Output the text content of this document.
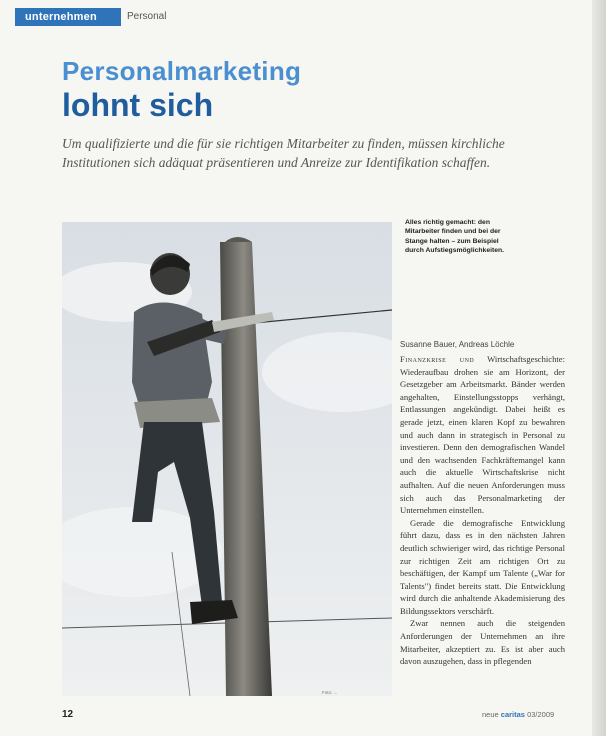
unternehmen	Personal
Personalmarketing
lohnt sich
Um qualifizierte und die für sie richtigen Mitarbeiter zu finden, müssen kirchliche Institutionen sich adäquat präsentieren und Anreize zur Identifikation schaffen.
Foto: ...
Alles richtig gemacht: den Mitarbeiter finden und bei der Stange halten – zum Beispiel durch Aufstiegsmöglichkeiten.
Susanne Bauer, Andreas Löchle

Finanzkrise und Wirtschaftsgeschichte: Wiederaufbau drohen sie am Horizont, der Gesetzgeber am Arbeitsmarkt. Bänder werden angehalten, Einstellungsstopps verhängt, Entlassungen angekündigt. Dabei heißt es gerade jetzt, einen klaren Kopf zu bewahren und auch dann in strategisch in Personal zu investieren. Denn den demografischen Wandel und den wachsenden Fachkräftemangel kann auch die aktuelle Wirtschaftskrise nicht aufhalten. Auf die neuen Anforderungen muss sich auch das Personalmarketing der Unternehmen einstellen.

Gerade die demografische Entwicklung führt dazu, dass es in den nächsten Jahren deutlich schwieriger wird, das richtige Personal zur richtigen Zeit am richtigen Ort zu beschäftigen, der Kampf um Talente („War for Talents") findet bereits statt. Die Entwicklung wird durch die anhaltende Akademisierung des Bildungssektors verschärft.

Zwar nennen auch die steigenden Anforderungen der Unternehmen an ihre Mitarbeiter, akzeptiert zu. Es ist aber auch davon auszugehen, dass in pflegenden

12	neue caritas 03/2009
